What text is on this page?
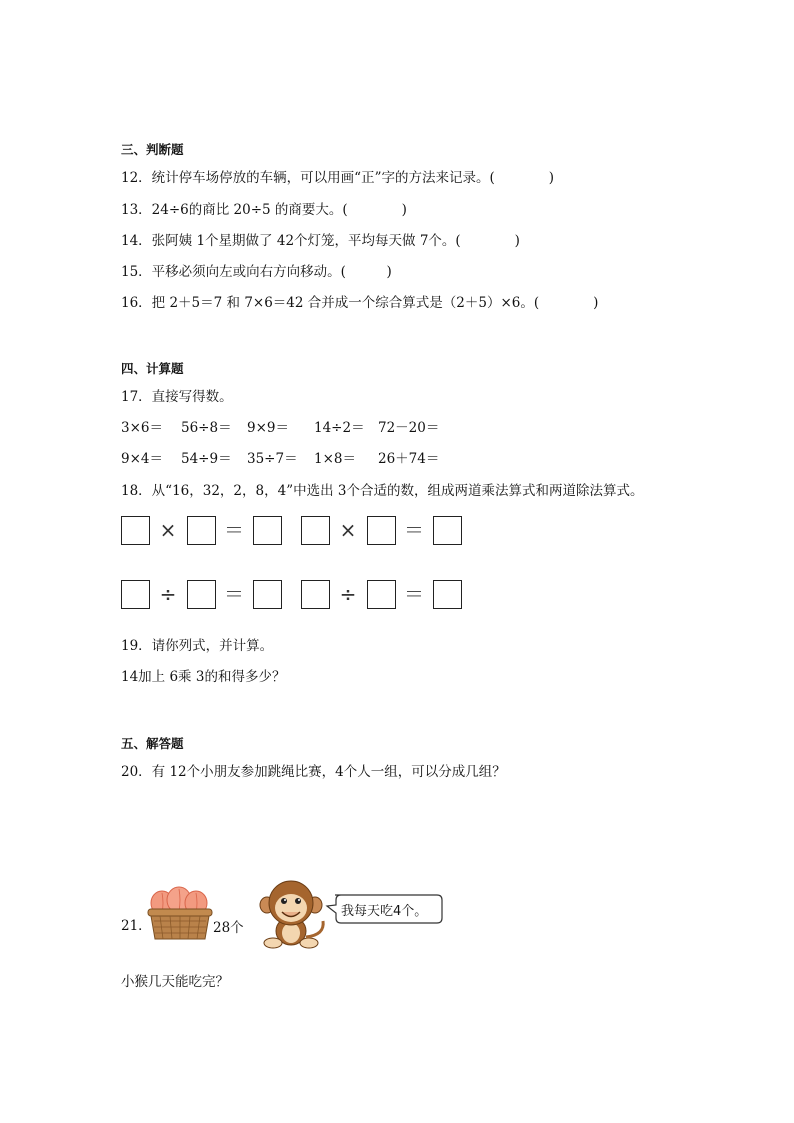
三、判断题
12．统计停车场停放的车辆，可以用画“正”字的方法来记录。(　　　　)
13．24÷6的商比 20÷5 的商要大。(　　　　)
14．张阿姨 1个星期做了 42个灯笼，平均每天做 7个。(　　　　)
15．平移必须向左或向右方向移动。(　　　)
16．把 2＋5＝7 和 7×6＝42 合并成一个综合算式是（2＋5）×6。(　　　　)
四、计算题
17．直接写得数。
3×6＝ 56÷8＝ 9×9＝ 14÷2＝ 72－20＝
9×4＝ 54÷9＝ 35÷7＝ 1×8＝ 26＋74＝
18．从“16，32，2，8，4”中选出 3个合适的数，组成两道乘法算式和两道除法算式。
× ＝	× ＝
÷ ＝	÷ ＝
19．请你列式，并计算。
14加上 6乘 3的和得多少？
五、解答题
20．有 12个小朋友参加跳绳比赛，4个人一组，可以分成几组？
21．	28个
我每天吃4个。
小猴几天能吃完？
